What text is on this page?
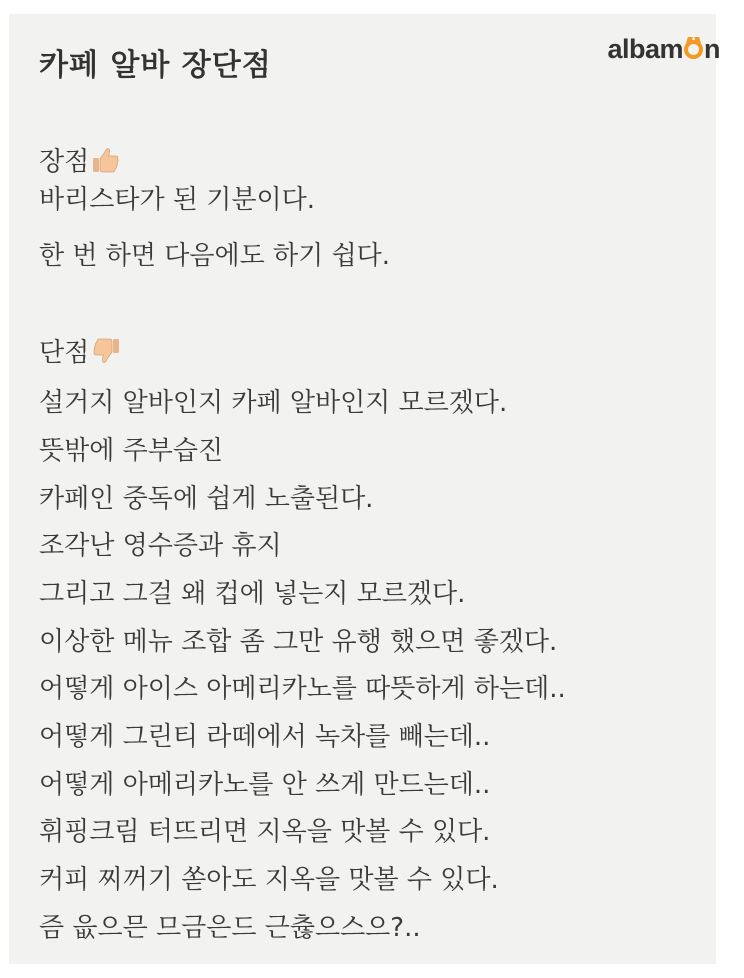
카페 알바 장단점	albam n
장점
바리스타가 된 기분이다.
한 번 하면 다음에도 하기 쉽다.
단점
설거지 알바인지 카페 알바인지 모르겠다.
뜻밖에 주부습진
카페인 중독에 쉽게 노출된다.
조각난 영수증과 휴지
그리고 그걸 왜 컵에 넣는지 모르겠다.
이상한 메뉴 조합 좀 그만 유행 했으면 좋겠다.
어떻게 아이스 아메리카노를 따뜻하게 하는데..
어떻게 그린티 라떼에서 녹차를 빼는데..
어떻게 아메리카노를 안 쓰게 만드는데..
휘핑크림 터뜨리면 지옥을 맛볼 수 있다.
커피 찌꺼기 쏟아도 지옥을 맛볼 수 있다.
즘 읎으믄 므금은드 근츊으스으?..
